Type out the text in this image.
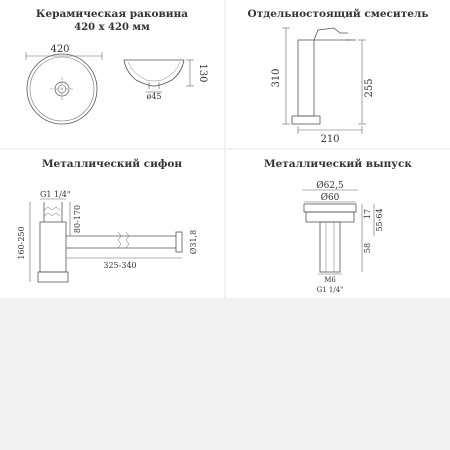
Керамическая раковина
420 x 420 мм
420
ø45
130
Отдельностоящий смеситель
310
255
210
Металлический сифон
G1 1/4"
160-250
80-170
325-340
Ø31,8
Металлический выпуск
Ø62,5
Ø60
17 55-64
58
M6
G1 1/4"
